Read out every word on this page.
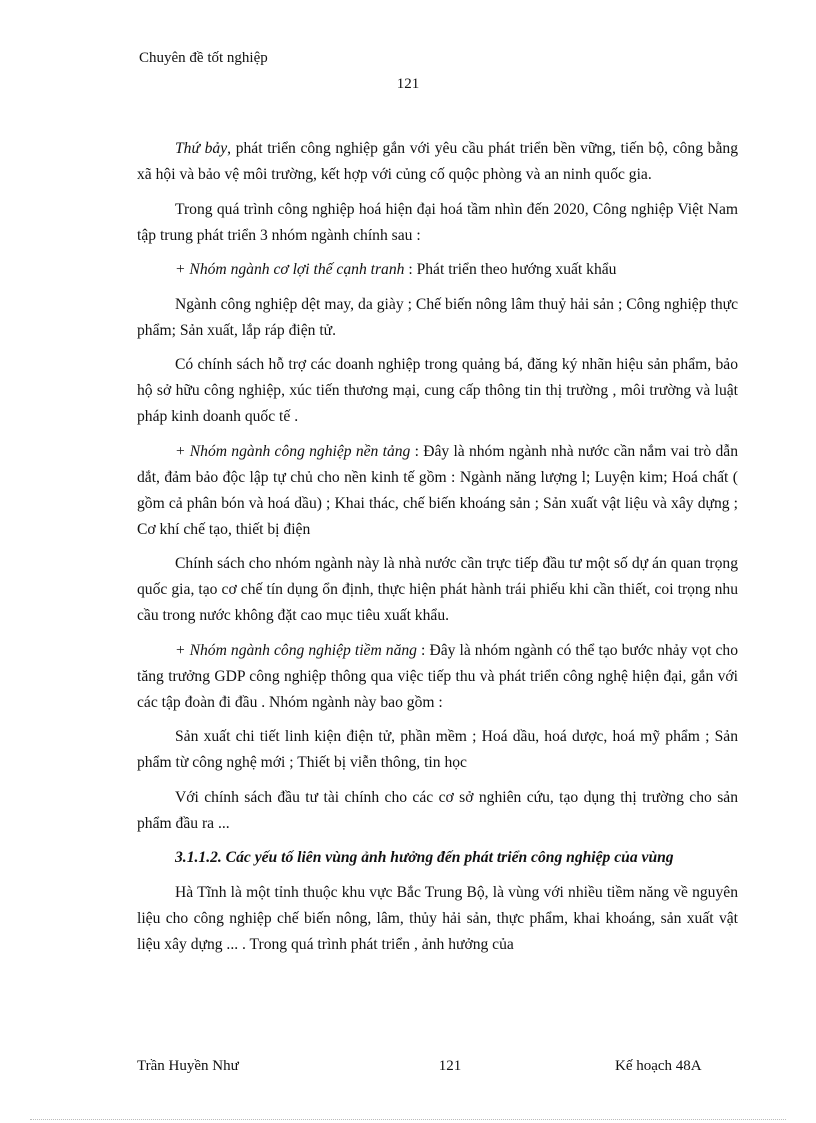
Chuyên đề tốt nghiệp
121

Thứ bảy, phát triển công nghiệp gắn với yêu cầu phát triển bền vững, tiến bộ, công bằng xã hội và bảo vệ môi trường, kết hợp với củng cố quộc phòng và an ninh quốc gia.

Trong quá trình công nghiệp hoá hiện đại hoá tầm nhìn đến 2020, Công nghiệp Việt Nam tập trung phát triển 3 nhóm ngành chính sau :

+ Nhóm ngành cơ lợi thế cạnh tranh : Phát triển theo hướng xuất khẩu

Ngành công nghiệp dệt may, da giày ; Chế biến nông lâm thuỷ hải sản ; Công nghiệp thực phẩm; Sản xuất, lắp ráp điện tử.

Có chính sách hỗ trợ các doanh nghiệp trong quảng bá, đăng ký nhãn hiệu sản phẩm, bảo hộ sở hữu công nghiệp, xúc tiến thương mại, cung cấp thông tin thị trường , môi trường và luật pháp kinh doanh quốc tế .

+ Nhóm ngành công nghiệp nền tảng : Đây là nhóm ngành nhà nước cần nắm vai trò dẫn dắt, đảm bảo độc lập tự chủ cho nền kinh tế gồm : Ngành năng lượng l; Luyện kim; Hoá chất ( gồm cả phân bón và hoá dầu) ; Khai thác, chế biến khoáng sản ; Sản xuất vật liệu và xây dựng ; Cơ khí chế tạo, thiết bị điện

Chính sách cho nhóm ngành này là nhà nước cần trực tiếp đầu tư một số dự án quan trọng quốc gia, tạo cơ chế tín dụng ổn định, thực hiện phát hành trái phiếu khi cần thiết, coi trọng nhu cầu trong nước không đặt cao mục tiêu xuất khẩu.

+ Nhóm ngành công nghiệp tiềm năng : Đây là nhóm ngành có thể tạo bước nhảy vọt cho tăng trưởng GDP công nghiệp thông qua việc tiếp thu và phát triển công nghệ hiện đại, gắn với các tập đoàn đi đầu . Nhóm ngành này bao gồm :

Sản xuất chi tiết linh kiện điện tử, phần mềm ; Hoá dầu, hoá dược, hoá mỹ phẩm ; Sản phẩm từ công nghệ mới ; Thiết bị viễn thông, tin học

Với chính sách đầu tư tài chính cho các cơ sở nghiên cứu, tạo dụng thị trường cho sản phẩm đầu ra ...

3.1.1.2. Các yếu tố liên vùng ảnh hưởng đến phát triển công nghiệp của vùng

Hà Tĩnh là một tỉnh thuộc khu vực Bắc Trung Bộ, là vùng với nhiều tiềm năng về nguyên liệu cho công nghiệp chế biến nông, lâm, thủy hải sản, thực phẩm, khai khoáng, sản xuất vật liệu xây dựng ... . Trong quá trình phát triển , ảnh hưởng của

Trần Huyền Như	121	Kế hoạch 48A
